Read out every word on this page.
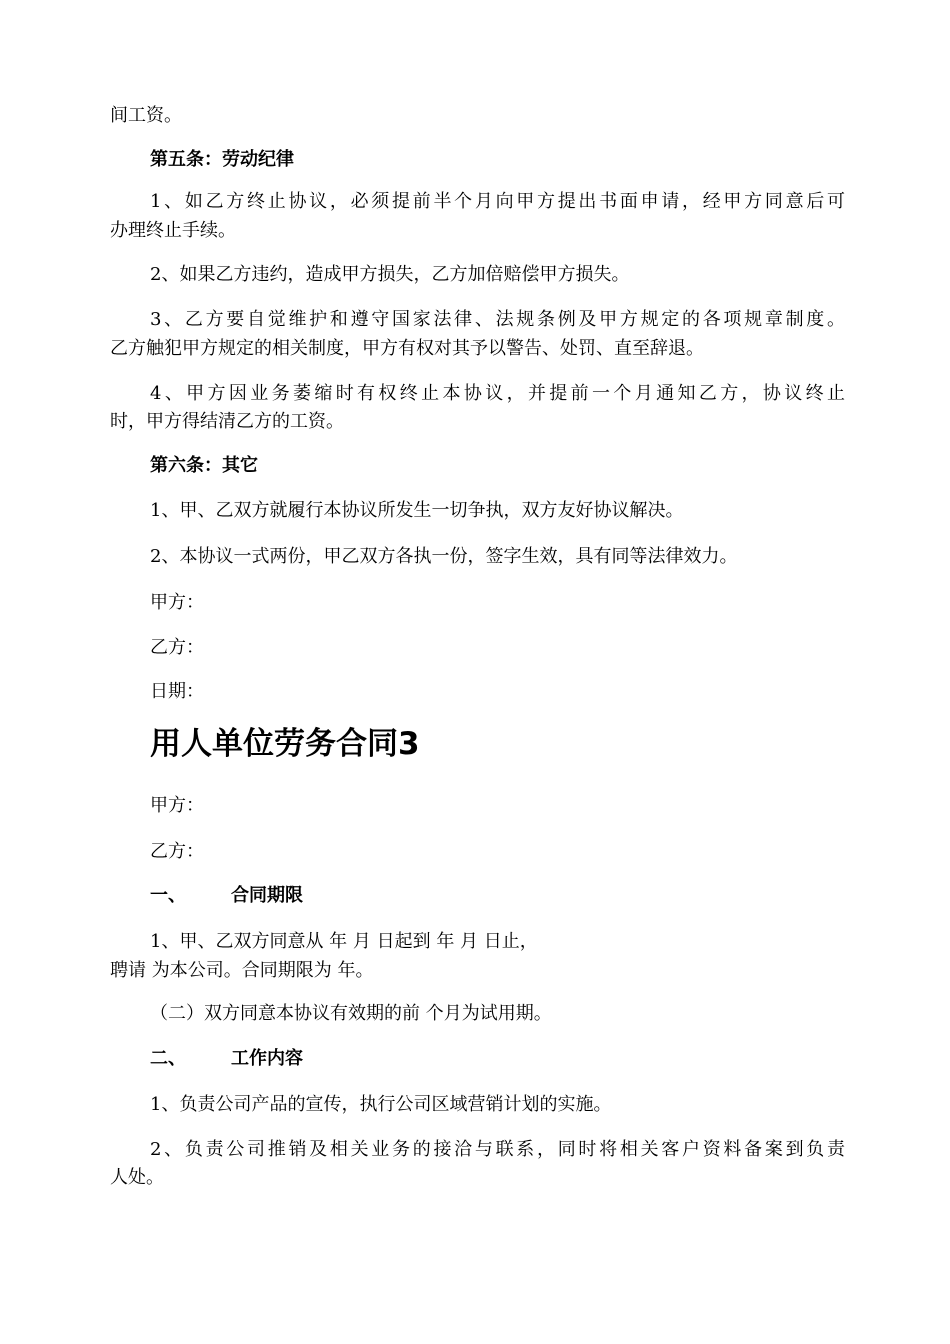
间工资。
第五条：劳动纪律
1、如乙方终止协议，必须提前半个月向甲方提出书面申请，经甲方同意后可
办理终止手续。
2、如果乙方违约，造成甲方损失，乙方加倍赔偿甲方损失。
3、乙方要自觉维护和遵守国家法律、法规条例及甲方规定的各项规章制度。
乙方触犯甲方规定的相关制度，甲方有权对其予以警告、处罚、直至辞退。
4、甲方因业务萎缩时有权终止本协议，并提前一个月通知乙方，协议终止
时，甲方得结清乙方的工资。
第六条：其它
1、甲、乙双方就履行本协议所发生一切争执，双方友好协议解决。
2、本协议一式两份，甲乙双方各执一份，签字生效，具有同等法律效力。
甲方：
乙方：
日期：
用人单位劳务合同3
甲方：
乙方：
一、	合同期限
1、甲、乙双方同意从 年 月 日起到 年 月 日止，
聘请 为本公司。合同期限为 年。
（二）双方同意本协议有效期的前 个月为试用期。
二、	工作内容
1、负责公司产品的宣传，执行公司区域营销计划的实施。
2、负责公司推销及相关业务的接洽与联系，同时将相关客户资料备案到负责
人处。
